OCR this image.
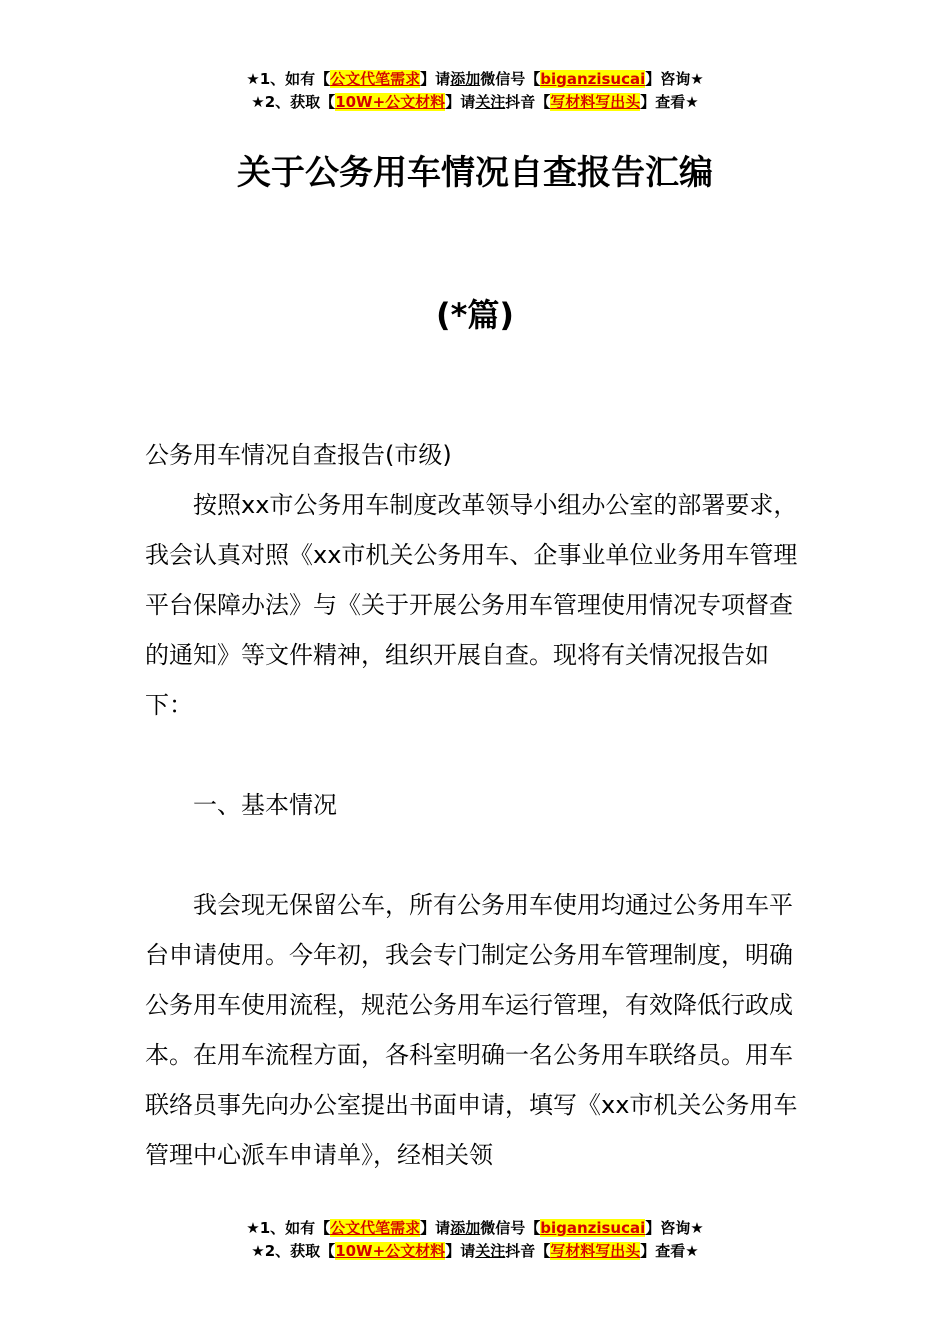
★1、如有【公文代笔需求】请添加微信号【biganzisucai】咨询★
★2、获取【10W+公文材料】请关注抖音【写材料写出头】查看★
关于公务用车情况自查报告汇编
(*篇)

公务用车情况自查报告(市级)

按照xx市公务用车制度改革领导小组办公室的部署要求，我会认真对照《xx市机关公务用车、企事业单位业务用车管理平台保障办法》与《关于开展公务用车管理使用情况专项督查的通知》等文件精神，组织开展自查。现将有关情况报告如下：

一、基本情况

我会现无保留公车，所有公务用车使用均通过公务用车平台申请使用。今年初，我会专门制定公务用车管理制度，明确公务用车使用流程，规范公务用车运行管理，有效降低行政成本。在用车流程方面，各科室明确一名公务用车联络员。用车联络员事先向办公室提出书面申请，填写《xx市机关公务用车管理中心派车申请单》，经相关领

★1、如有【公文代笔需求】请添加微信号【biganzisucai】咨询★
★2、获取【10W+公文材料】请关注抖音【写材料写出头】查看★
